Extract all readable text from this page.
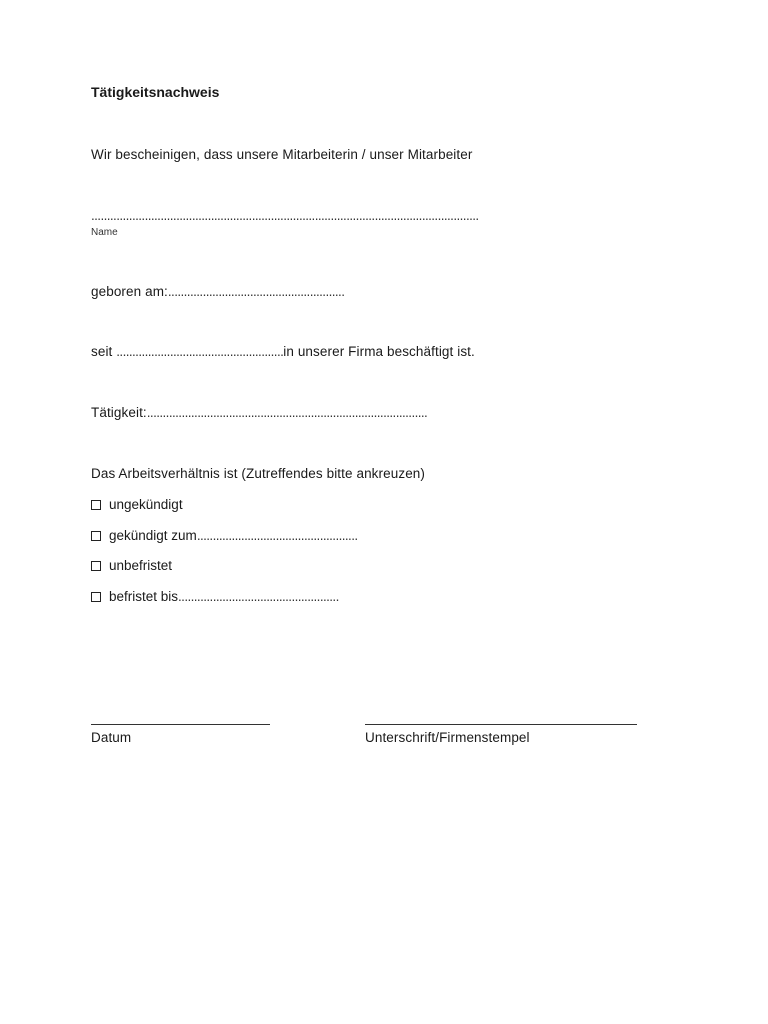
Tätigkeitsnachweis
Wir bescheinigen, dass unsere Mitarbeiterin / unser Mitarbeiter
...........................................................................................................................
Name
geboren am:........................................................
seit .....................................................in unserer Firma beschäftigt ist.
Tätigkeit:.........................................................................................
Das Arbeitsverhältnis ist (Zutreffendes bitte ankreuzen)
ungekündigt
gekündigt zum ...................................................
unbefristet
befristet bis ...................................................
Datum	Unterschrift/Firmenstempel
